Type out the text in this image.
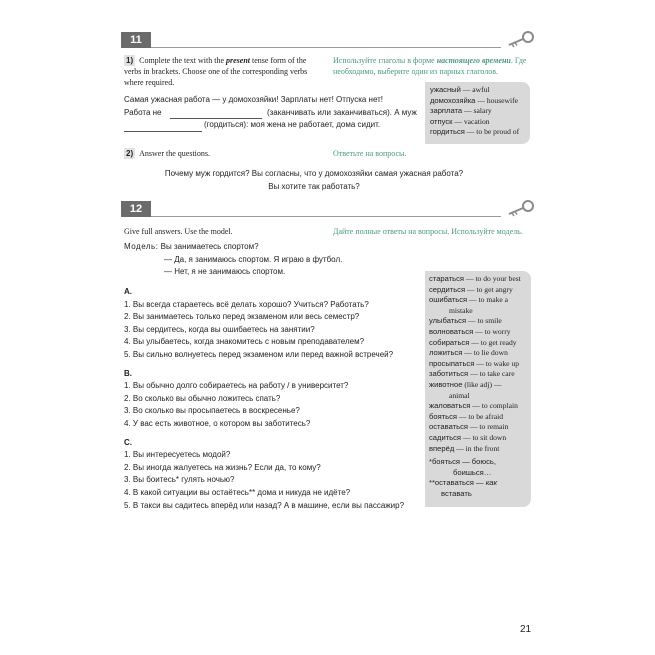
11
1) Complete the text with the present tense form of the verbs in brackets. Choose one of the corresponding verbs where required.
Используйте глаголы в форме настоящего времени. Где необходимо, выберите один из парных глаголов.
Самая ужасная работа — у домохозяйки! Зарплаты нет! Отпуска нет!
Работа не	(заканчивать или заканчиваться). А муж
(гордиться): моя жена не работает, дома сидит.
ужасный — awful
домохозяйка — housewife
зарплата — salary
отпуск — vacation
гордиться — to be proud of
2) Answer the questions.	Ответьте на вопросы.
Почему муж гордится? Вы согласны, что у домохозяйки самая ужасная работа?
Вы хотите так работать?
12
Give full answers. Use the model.	Дайте полные ответы на вопросы. Используйте модель.
Модель: Вы занимаетесь спортом?
— Да, я занимаюсь спортом. Я играю в футбол.
— Нет, я не занимаюсь спортом.
A.
1. Вы всегда стараетесь всё делать хорошо? Учиться? Работать?
2. Вы занимаетесь только перед экзаменом или весь семестр?
3. Вы сердитесь, когда вы ошибаетесь на занятии?
4. Вы улыбаетесь, когда знакомитесь с новым преподавателем?
5. Вы сильно волнуетесь перед экзаменом или перед важной встречей?
B.
1. Вы обычно долго собираетесь на работу / в университет?
2. Во сколько вы обычно ложитесь спать?
3. Во сколько вы просыпаетесь в воскресенье?
4. У вас есть животное, о котором вы заботитесь?
C.
1. Вы интересуетесь модой?
2. Вы иногда жалуетесь на жизнь? Если да, то кому?
3. Вы боитесь* гулять ночью?
4. В какой ситуации вы остаётесь** дома и никуда не идёте?
5. В такси вы садитесь вперёд или назад? А в машине, если вы пассажир?
стараться — to do your best
сердиться — to get angry
ошибаться — to make a
mistake
улыбаться — to smile
волноваться — to worry
собираться — to get ready
ложиться — to lie down
просыпаться — to wake up
заботиться — to take care
животное (like adj) —
animal
жаловаться — to complain
бояться — to be afraid
оставаться — to remain
садиться — to sit down
вперёд — in the front
*бояться — боюсь,
боишься…
**оставаться — как
вставать
21
